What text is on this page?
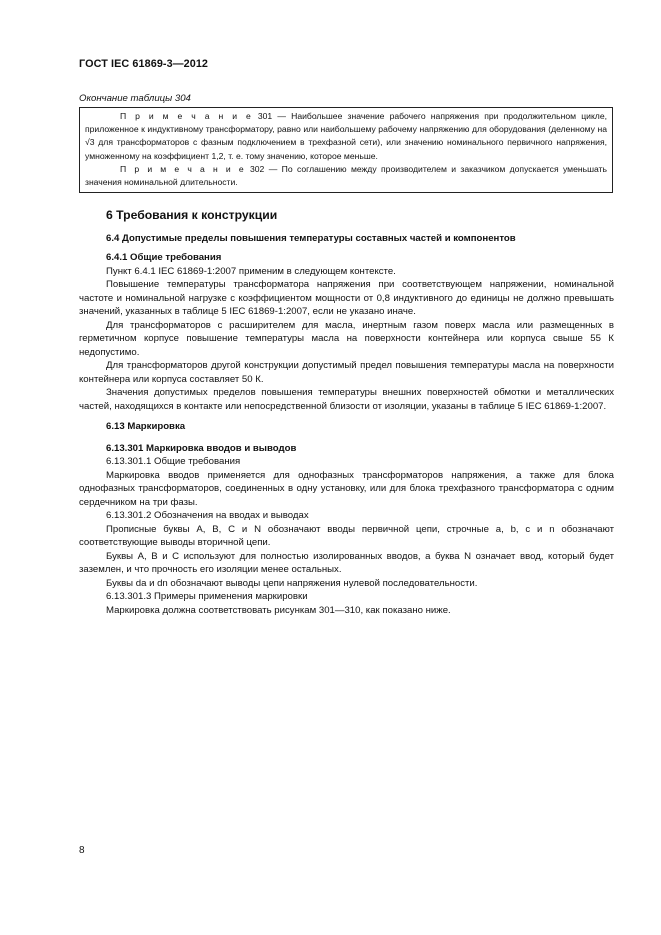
ГОСТ IEC 61869-3—2012
Окончание таблицы 304

П р и м е ч а н и е 301 — Наибольшее значение рабочего напряжения при продолжительном цикле, приложенное к индуктивному трансформатору, равно или наибольшему рабочему напряжению для оборудования (деленному на √3 для трансформаторов с фазным подключением в трехфазной сети), или значению номинального первичного напряжения, умноженному на коэффициент 1,2, т. е. тому значению, которое меньше.

П р и м е ч а н и е 302 — По соглашению между производителем и заказчиком допускается уменьшать значения номинальной длительности.

6 Требования к конструкции

6.4 Допустимые пределы повышения температуры составных частей и компонентов

6.4.1 Общие требования

Пункт 6.4.1 IEC 61869-1:2007 применим в следующем контексте.

Повышение температуры трансформатора напряжения при соответствующем напряжении, номинальной частоте и номинальной нагрузке с коэффициентом мощности от 0,8 индуктивного до единицы не должно превышать значений, указанных в таблице 5 IEC 61869-1:2007, если не указано иначе.

Для трансформаторов с расширителем для масла, инертным газом поверх масла или размещенных в герметичном корпусе повышение температуры масла на поверхности контейнера или корпуса свыше 55 К недопустимо.

Для трансформаторов другой конструкции допустимый предел повышения температуры масла на поверхности контейнера или корпуса составляет 50 К.

Значения допустимых пределов повышения температуры внешних поверхностей обмотки и металлических частей, находящихся в контакте или непосредственной близости от изоляции, указаны в таблице 5 IEC 61869-1:2007.

6.13 Маркировка

6.13.301 Маркировка вводов и выводов

6.13.301.1 Общие требования

Маркировка вводов применяется для однофазных трансформаторов напряжения, а также для блока однофазных трансформаторов, соединенных в одну установку, или для блока трехфазного трансформатора с одним сердечником на три фазы.

6.13.301.2 Обозначения на вводах и выводах

Прописные буквы А, В, С и N обозначают вводы первичной цепи, строчные a, b, c и n обозначают соответствующие выводы вторичной цепи.

Буквы А, В и С используют для полностью изолированных вводов, а буква N означает ввод, который будет заземлен, и что прочность его изоляции менее остальных.

Буквы da и dn обозначают выводы цепи напряжения нулевой последовательности.

6.13.301.3 Примеры применения маркировки

Маркировка должна соответствовать рисункам 301—310, как показано ниже.

8
